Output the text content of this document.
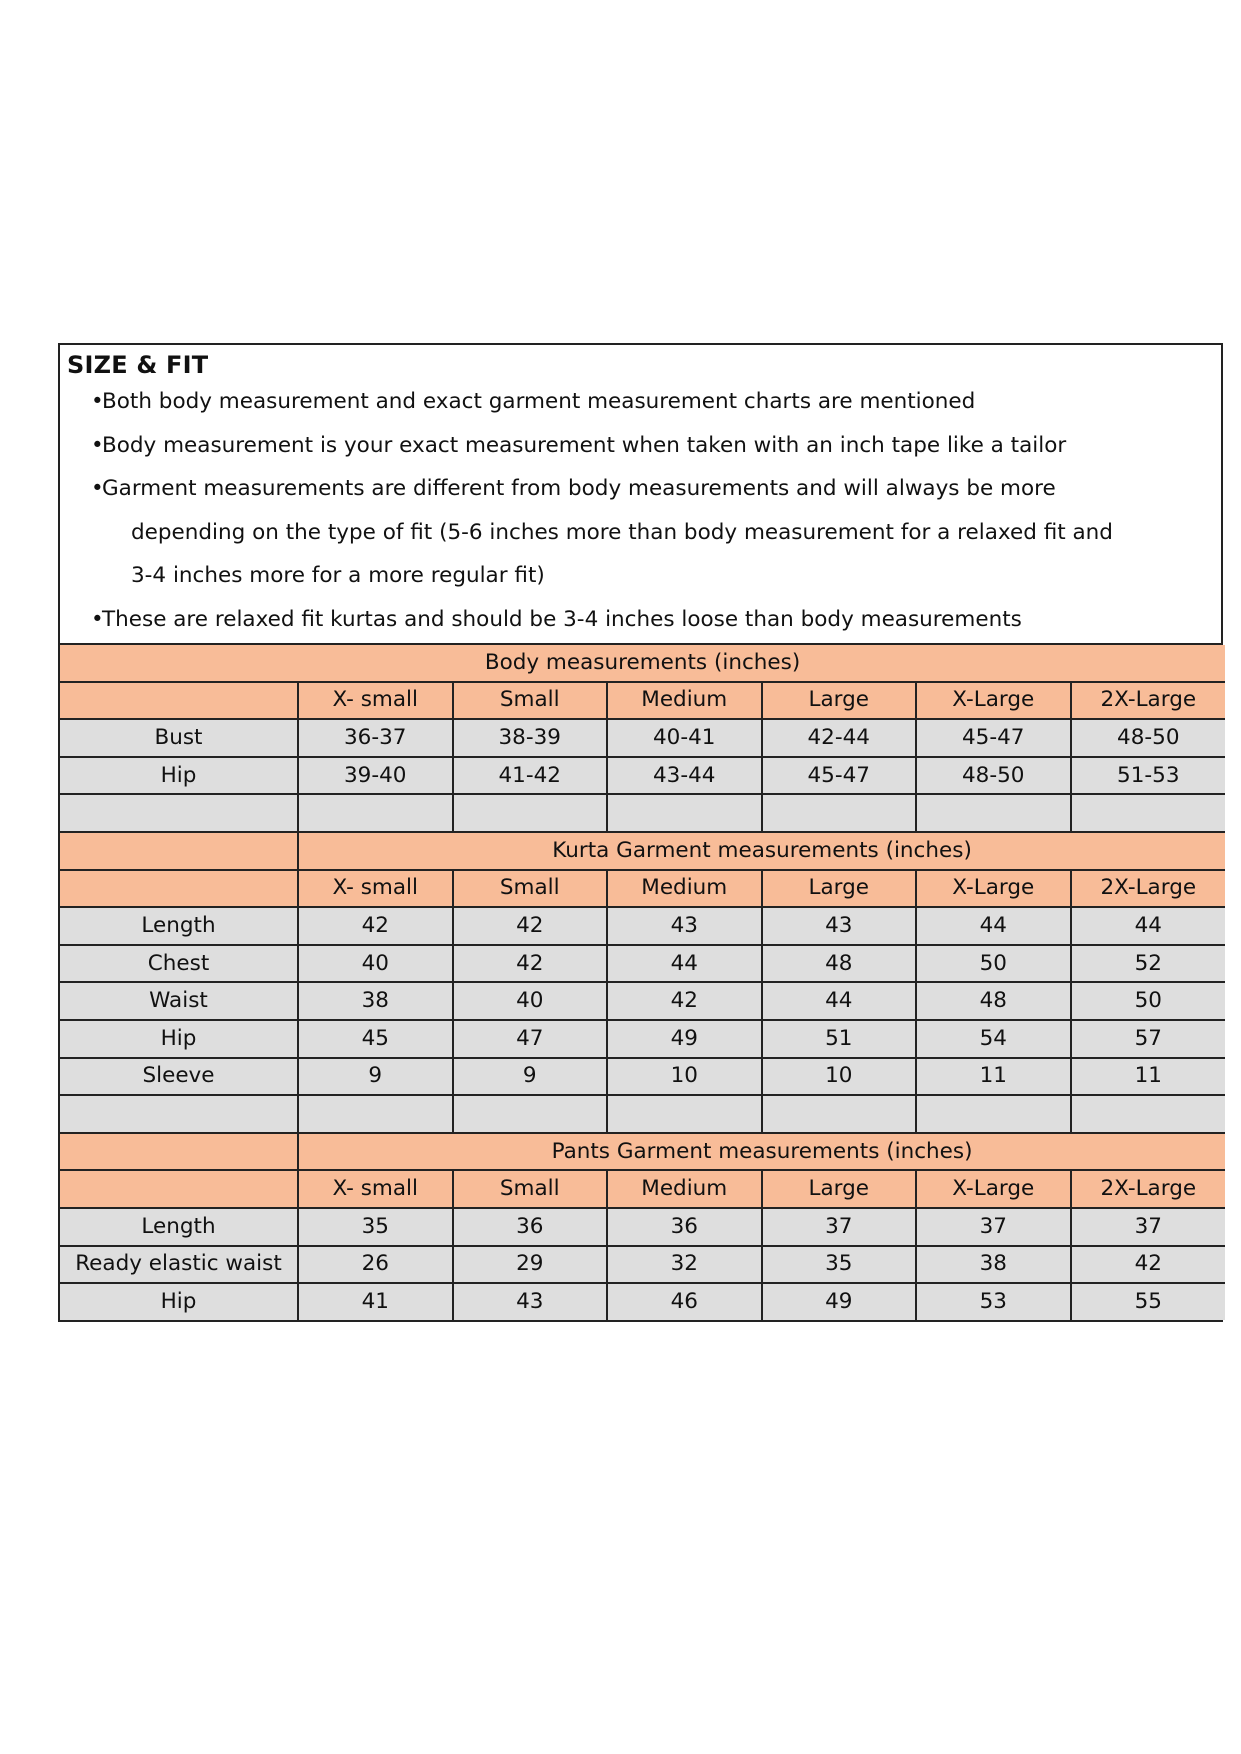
SIZE & FIT
•Both body measurement and exact garment measurement charts are mentioned
•Body measurement is your exact measurement when taken with an inch tape like a tailor
•Garment measurements are different from body measurements and will always be more
depending on the type of fit (5-6 inches more than body measurement for a relaxed fit and
3-4 inches more for a more regular fit)
•These are relaxed fit kurtas and should be 3-4 inches loose than body measurements
Body measurements (inches)						
	X- small	Small	Medium	Large	X-Large	2X-Large
Bust	36-37	38-39	40-41	42-44	45-47	48-50
Hip	39-40	41-42	43-44	45-47	48-50	51-53

	Kurta Garment measurements (inches)					
	X- small	Small	Medium	Large	X-Large	2X-Large
Length	42	42	43	43	44	44
Chest	40	42	44	48	50	52
Waist	38	40	42	44	48	50
Hip	45	47	49	51	54	57
Sleeve	9	9	10	10	11	11

	Pants Garment measurements (inches)					
	X- small	Small	Medium	Large	X-Large	2X-Large
Length	35	36	36	37	37	37
Ready elastic waist	26	29	32	35	38	42
Hip	41	43	46	49	53	55
